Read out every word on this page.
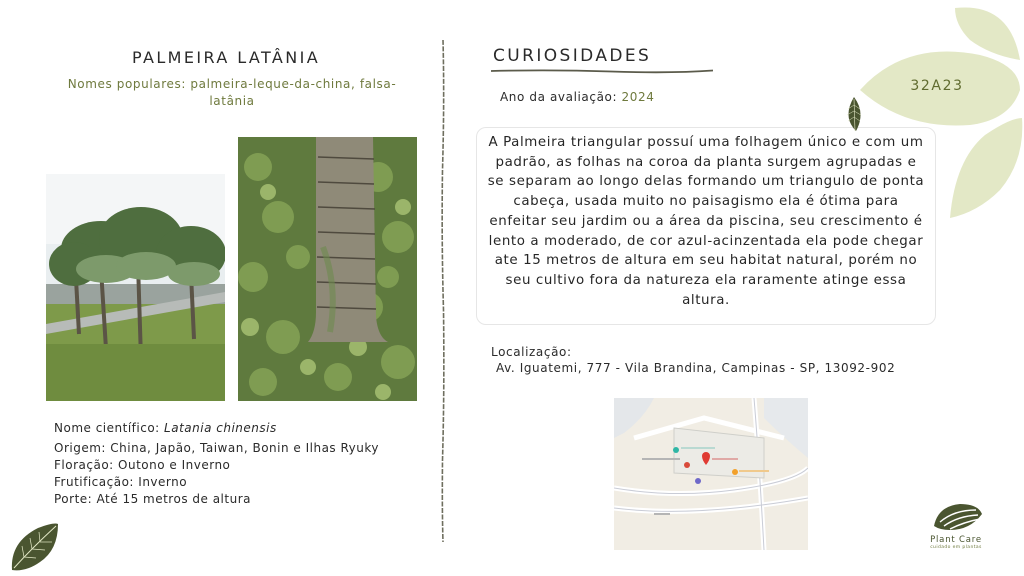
PALMEIRA LATÂNIA
Nomes populares: palmeira-leque-da-china, falsa-latânia
Nome científico: Latania chinensis
Origem: China, Japão, Taiwan, Bonin e Ilhas Ryuky
Floração: Outono e Inverno
Frutificação: Inverno
Porte: Até 15 metros de altura
CURIOSIDADES
Ano da avaliação: 2024
A Palmeira triangular possuí uma folhagem único e com um padrão, as folhas na coroa da planta surgem agrupadas e se separam ao longo delas formando um triangulo de ponta cabeça, usada muito no paisagismo ela é ótima para enfeitar seu jardim ou a área da piscina, seu crescimento é lento a moderado, de cor azul-acinzentada ela pode chegar ate 15 metros de altura em seu habitat natural, porém no seu cultivo fora da natureza ela raramente atinge essa altura.
Localização:
Av. Iguatemi, 777 - Vila Brandina, Campinas - SP, 13092-902
32A23
Plant Care
cuidado em plantas
